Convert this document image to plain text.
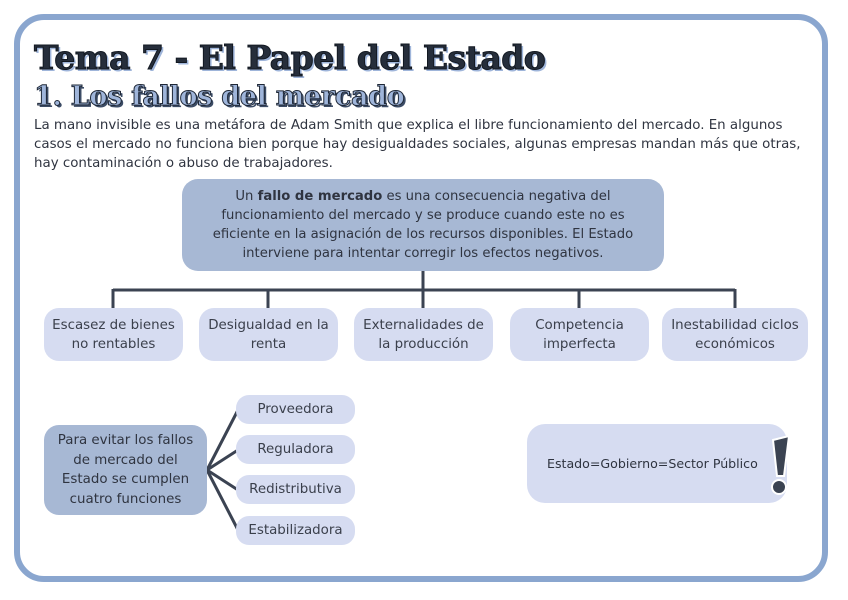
Tema 7 - El Papel del Estado
1. Los fallos del mercado

La mano invisible es una metáfora de Adam Smith que explica el libre funcionamiento del mercado. En algunos casos el mercado no funciona bien porque hay desigualdades sociales, algunas empresas mandan más que otras, hay contaminación o abuso de trabajadores.

Un fallo de mercado es una consecuencia negativa del funcionamiento del mercado y se produce cuando este no es eficiente en la asignación de los recursos disponibles. El Estado interviene para intentar corregir los efectos negativos.
Escasez de bienes no rentables
Desigualdad en la renta
Externalidades de la producción
Competencia imperfecta
Inestabilidad ciclos económicos
Para evitar los fallos de mercado del Estado se cumplen cuatro funciones
Proveedora
Reguladora
Redistributiva
Estabilizadora
Estado=Gobierno=Sector Público
